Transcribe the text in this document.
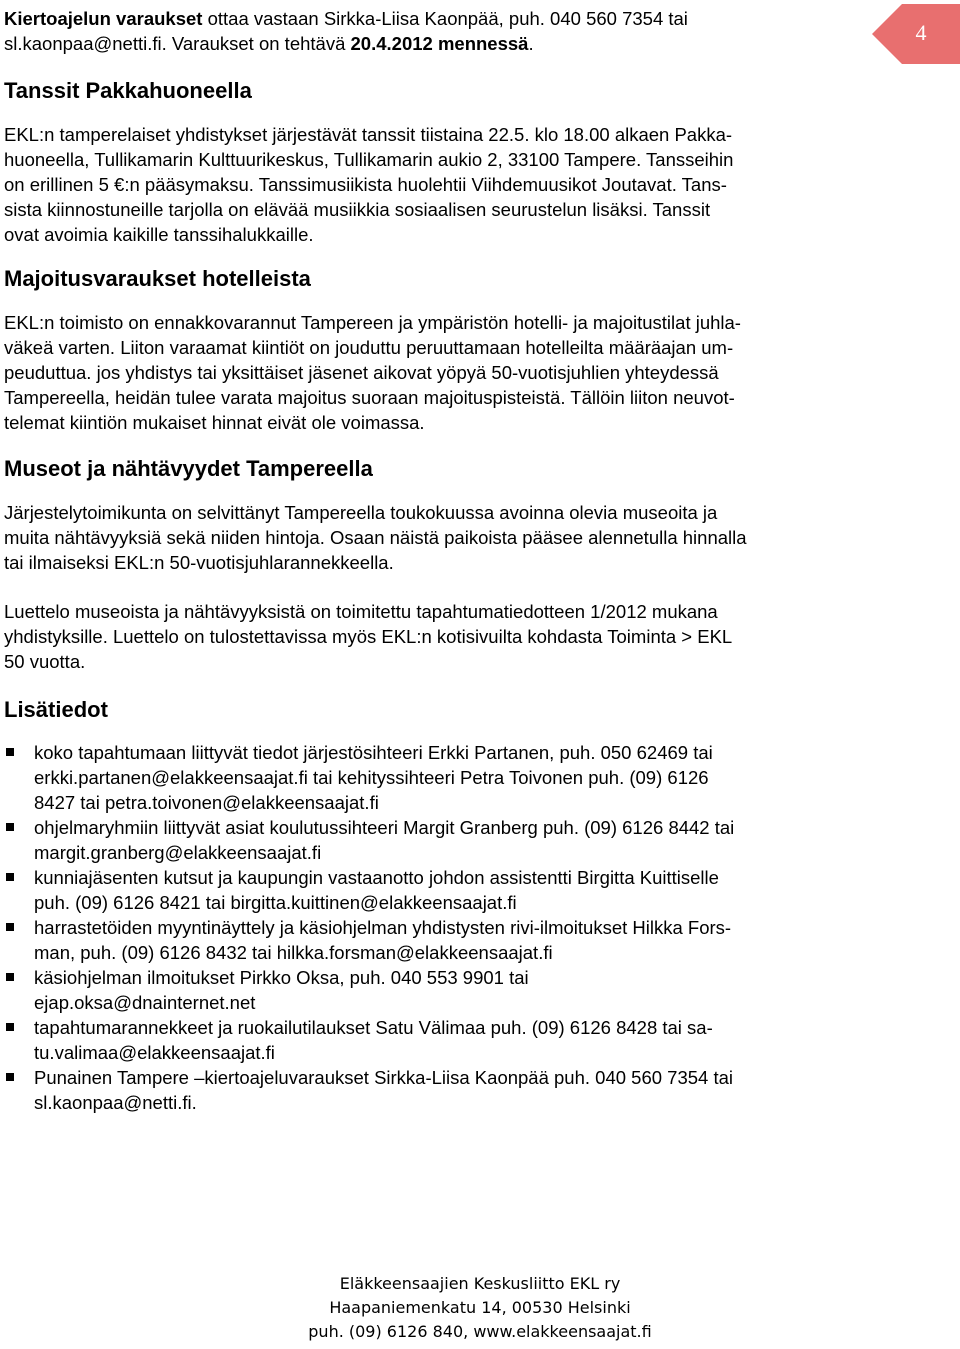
4

Kiertoajelun varaukset ottaa vastaan Sirkka-Liisa Kaonpää, puh. 040 560 7354 tai
sl.kaonpaa@netti.fi. Varaukset on tehtävä 20.4.2012 mennessä.

Tanssit Pakkahuoneella

EKL:n tamperelaiset yhdistykset järjestävät tanssit tiistaina 22.5. klo 18.00 alkaen Pakka-
huoneella, Tullikamarin Kulttuurikeskus, Tullikamarin aukio 2, 33100 Tampere. Tansseihin
on erillinen 5 €:n pääsymaksu. Tanssimusiikista huolehtii Viihdemuusikot Joutavat. Tans-
sista kiinnostuneille tarjolla on elävää musiikkia sosiaalisen seurustelun lisäksi. Tanssit
ovat avoimia kaikille tanssihalukkaille.

Majoitusvaraukset hotelleista

EKL:n toimisto on ennakkovarannut Tampereen ja ympäristön hotelli- ja majoitustilat juhla-
väkeä varten. Liiton varaamat kiintiöt on jouduttu peruuttamaan hotelleilta määräajan um-
peuduttua. jos yhdistys tai yksittäiset jäsenet aikovat yöpyä 50-vuotisjuhlien yhteydessä
Tampereella, heidän tulee varata majoitus suoraan majoituspisteistä. Tällöin liiton neuvot-
telemat kiintiön mukaiset hinnat eivät ole voimassa.

Museot ja nähtävyydet Tampereella

Järjestelytoimikunta on selvittänyt Tampereella toukokuussa avoinna olevia museoita ja
muita nähtävyyksiä sekä niiden hintoja. Osaan näistä paikoista pääsee alennetulla hinnalla
tai ilmaiseksi EKL:n 50-vuotisjuhlarannekkeella.

Luettelo museoista ja nähtävyyksistä on toimitettu tapahtumatiedotteen 1/2012 mukana
yhdistyksille. Luettelo on tulostettavissa myös EKL:n kotisivuilta kohdasta Toiminta > EKL
50 vuotta.

Lisätiedot
koko tapahtumaan liittyvät tiedot järjestösihteeri Erkki Partanen, puh. 050 62469 tai
erkki.partanen@elakkeensaajat.fi tai kehityssihteeri Petra Toivonen puh. (09) 6126
8427 tai petra.toivonen@elakkeensaajat.fi
ohjelmaryhmiin liittyvät asiat koulutussihteeri Margit Granberg puh. (09) 6126 8442 tai
margit.granberg@elakkeensaajat.fi
kunniajäsenten kutsut ja kaupungin vastaanotto johdon assistentti Birgitta Kuittiselle
puh. (09) 6126 8421 tai birgitta.kuittinen@elakkeensaajat.fi
harrastetöiden myyntinäyttely ja käsiohjelman yhdistysten rivi-ilmoitukset Hilkka Fors-
man, puh. (09) 6126 8432 tai hilkka.forsman@elakkeensaajat.fi
käsiohjelman ilmoitukset Pirkko Oksa, puh. 040 553 9901 tai
ejap.oksa@dnainternet.net
tapahtumarannekkeet ja ruokailutilaukset Satu Välimaa puh. (09) 6126 8428 tai sa-
tu.valimaa@elakkeensaajat.fi
Punainen Tampere –kiertoajeluvaraukset Sirkka-Liisa Kaonpää puh. 040 560 7354 tai
sl.kaonpaa@netti.fi.
Eläkkeensaajien Keskusliitto EKL ry
Haapaniemenkatu 14, 00530 Helsinki
puh. (09) 6126 840, www.elakkeensaajat.fi
